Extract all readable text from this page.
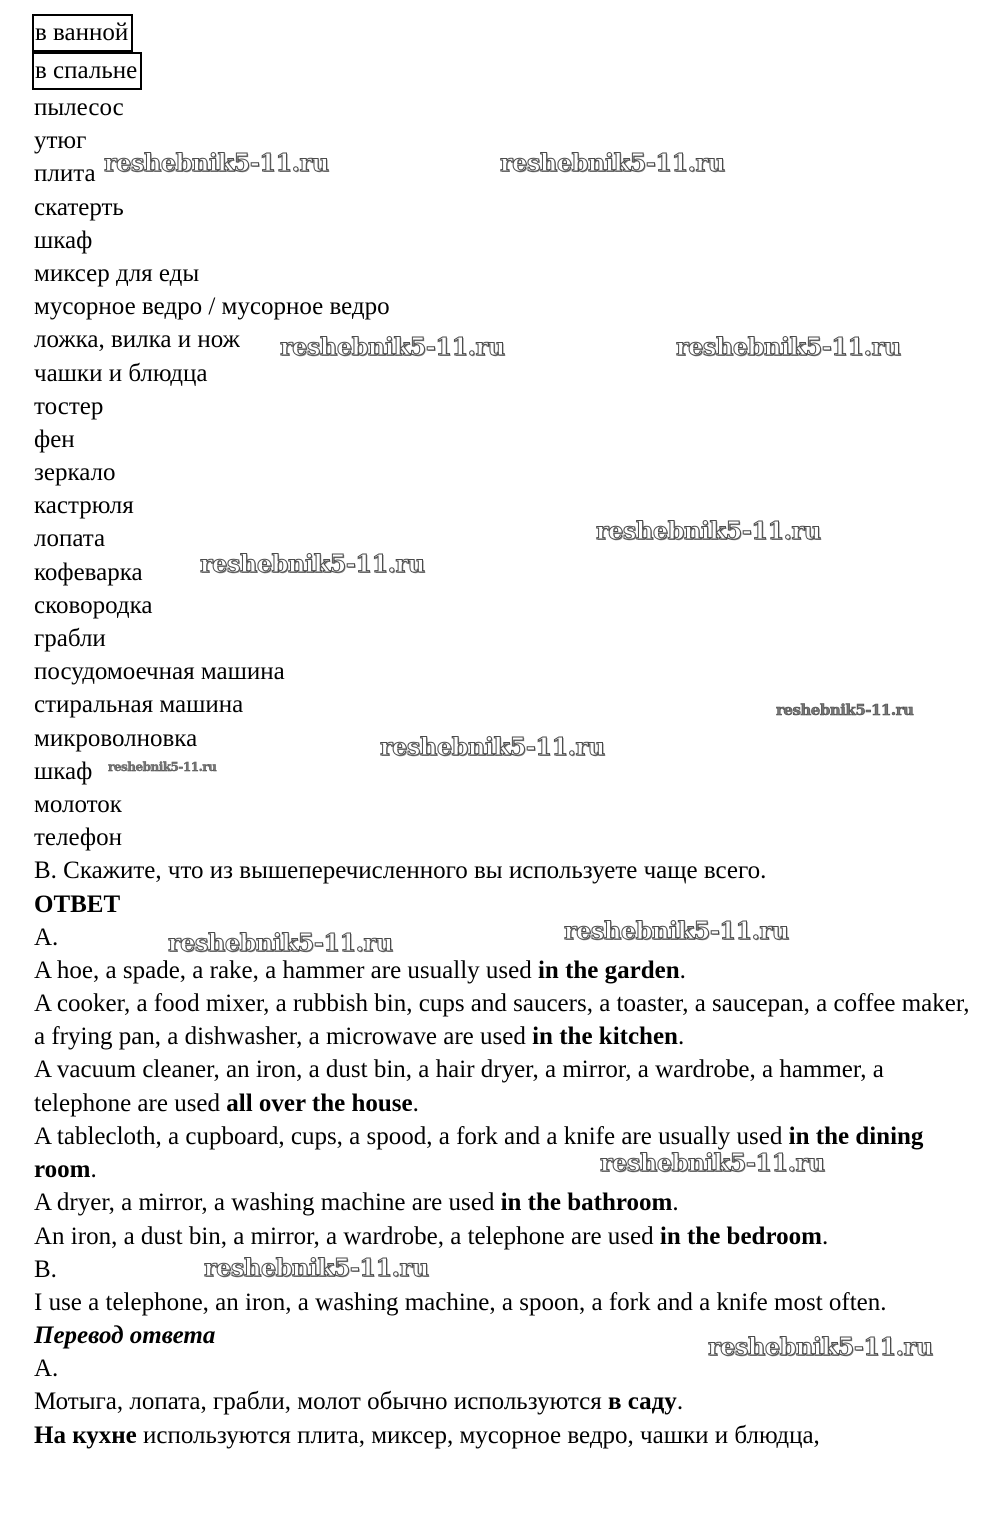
в ванной
в спальне
пылесос
утюг
плита
скатерть
шкаф
миксер для еды
мусорное ведро / мусорное ведро
ложка, вилка и нож
чашки и блюдца
тостер
фен
зеркало
кастрюля
лопата
кофеварка
сковородка
грабли
посудомоечная машина
стиральная машина
микроволновка
шкаф
молоток
телефон
В. Скажите, что из вышеперечисленного вы используете чаще всего.
ОТВЕТ
А.
A hoe, a spade, a rake, a hammer are usually used in the garden.
A cooker, a food mixer, a rubbish bin, cups and saucers, a toaster, a saucepan, a coffee maker, a frying pan, a dishwasher, a microwave are used in the kitchen.
A vacuum cleaner, an iron, a dust bin, a hair dryer, a mirror, a wardrobe, a hammer, a telephone are used all over the house.
A tablecloth, a cupboard, cups, a spood, a fork and a knife are usually used in the dining room.
A dryer, a mirror, a washing machine are used in the bathroom.
An iron, a dust bin, a mirror, a wardrobe, a telephone are used in the bedroom.
B.
I use a telephone, an iron, a washing machine, a spoon, a fork and a knife most often.
Перевод ответа
А.
Мотыга, лопата, грабли, молот обычно используются в саду.
На кухне используются плита, миксер, мусорное ведро, чашки и блюдца,
reshebnik5-11.ru	reshebnik5-11.ru
reshebnik5-11.ru	reshebnik5-11.ru
reshebnik5-11.ru
reshebnik5-11.ru
reshebnik5-11.ru
reshebnik5-11.ru
reshebnik5-11.ru
reshebnik5-11.ru
reshebnik5-11.ru
reshebnik5-11.ru
reshebnik5-11.ru
reshebnik5-11.ru
